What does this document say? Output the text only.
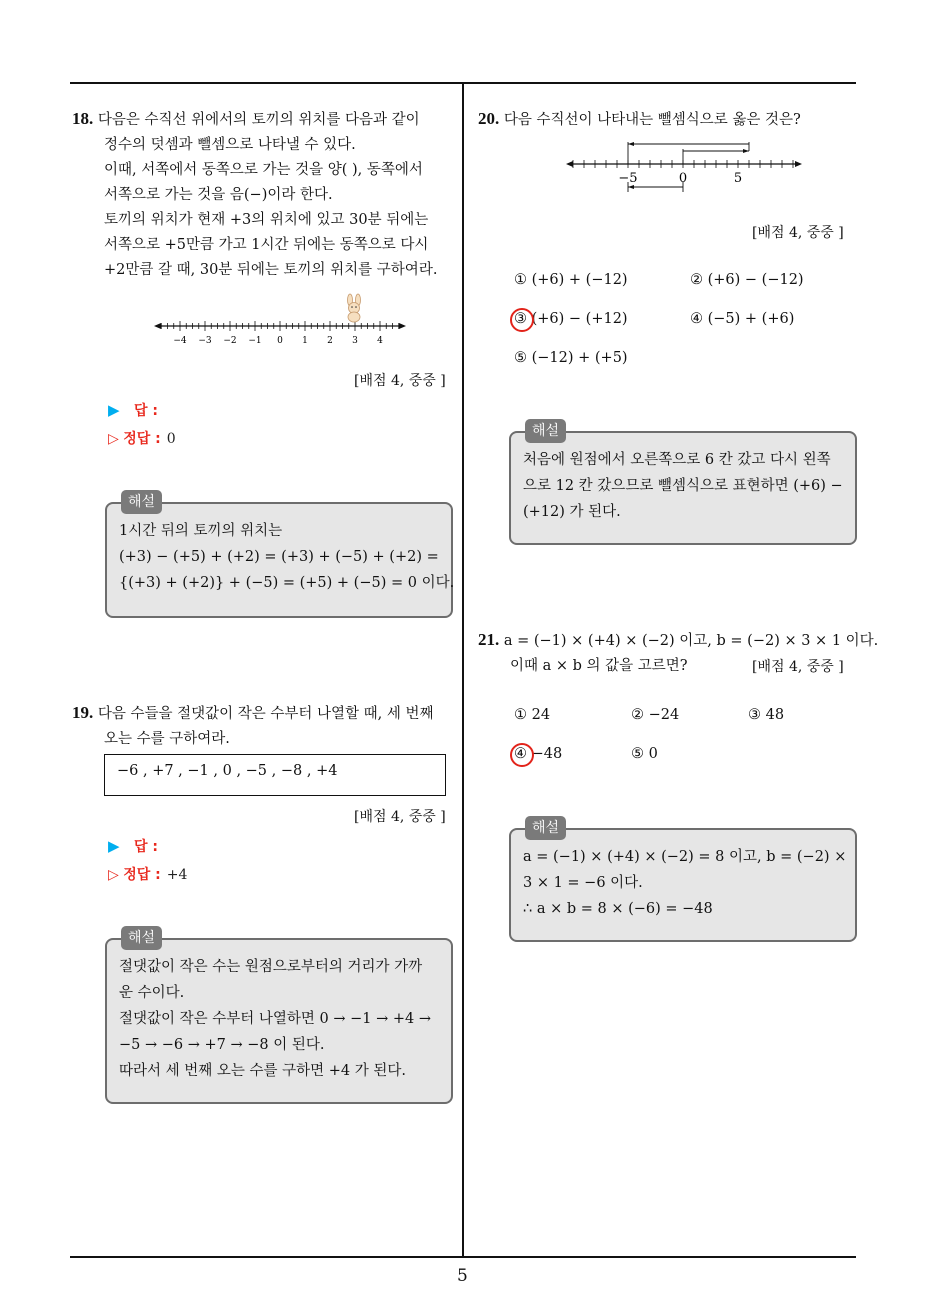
5
18. 다음은 수직선 위에서의 토끼의 위치를 다음과 같이
정수의 덧셈과 뺄셈으로 나타낼 수 있다.
이때, 서쪽에서 동쪽으로 가는 것을 양( ), 동쪽에서
서쪽으로 가는 것을 음(−)이라 한다.
토끼의 위치가 현재 +3의 위치에 있고 30분 뒤에는
서쪽으로 +5만큼 가고 1시간 뒤에는 동쪽으로 다시
+2만큼 갈 때, 30분 뒤에는 토끼의 위치를 구하여라.
−4 −3 −2 −1 0 1 2 3 4
[배점 4, 중중 ]
▶ 답 :
▷ 정답 : 0
해설
1시간 뒤의 토끼의 위치는
(+3) − (+5) + (+2) = (+3) + (−5) + (+2) =
{(+3) + (+2)} + (−5) = (+5) + (−5) = 0 이다.
19. 다음 수들을 절댓값이 작은 수부터 나열할 때, 세 번째
오는 수를 구하여라.
−6 , +7 , −1 , 0 , −5 , −8 , +4
[배점 4, 중중 ]
▶ 답 :
▷ 정답 : +4
해설
절댓값이 작은 수는 원점으로부터의 거리가 가까
운 수이다.
절댓값이 작은 수부터 나열하면 0 → −1 → +4 →
−5 → −6 → +7 → −8 이 된다.
따라서 세 번째 오는 수를 구하면 +4 가 된다.
20. 다음 수직선이 나타내는 뺄셈식으로 옳은 것은?
−5	0	5
[배점 4, 중중 ]
① (+6) + (−12)	② (+6) − (−12)
③ (+6) − (+12)	④ (−5) + (+6)
⑤ (−12) + (+5)
해설
처음에 원점에서 오른쪽으로 6 칸 갔고 다시 왼쪽
으로 12 칸 갔으므로 뺄셈식으로 표현하면 (+6) −
(+12) 가 된다.
21. a = (−1) × (+4) × (−2) 이고, b = (−2) × 3 × 1 이다.
이때 a × b 의 값을 고르면?	[배점 4, 중중 ]
① 24	② −24	③ 48
④ −48	⑤ 0
해설
a = (−1) × (+4) × (−2) = 8 이고, b = (−2) ×
3 × 1 = −6 이다.
∴ a × b = 8 × (−6) = −48
